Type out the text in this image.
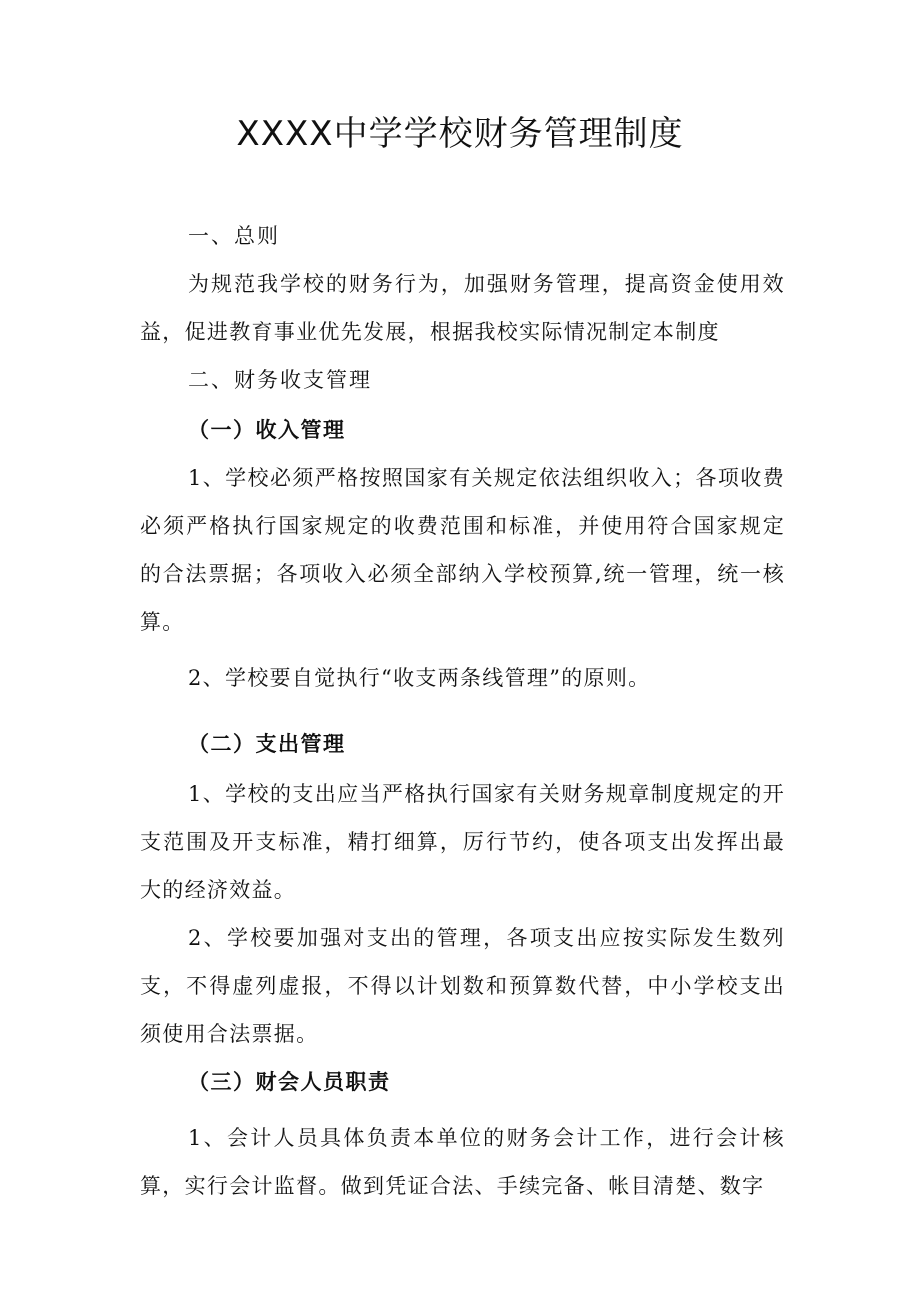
XXXX中学学校财务管理制度

一、总则

为规范我学校的财务行为，加强财务管理，提高资金使用效益，促进教育事业优先发展，根据我校实际情况制定本制度

二、财务收支管理

（一）收入管理

1、学校必须严格按照国家有关规定依法组织收入；各项收费必须严格执行国家规定的收费范围和标准，并使用符合国家规定的合法票据；各项收入必须全部纳入学校预算,统一管理，统一核算。

2、学校要自觉执行“收支两条线管理”的原则。

（二）支出管理

1、学校的支出应当严格执行国家有关财务规章制度规定的开支范围及开支标准，精打细算，厉行节约，使各项支出发挥出最大的经济效益。

2、学校要加强对支出的管理，各项支出应按实际发生数列支，不得虚列虚报，不得以计划数和预算数代替，中小学校支出须使用合法票据。

（三）财会人员职责

1、会计人员具体负责本单位的财务会计工作，进行会计核算，实行会计监督。做到凭证合法、手续完备、帐目清楚、数字
